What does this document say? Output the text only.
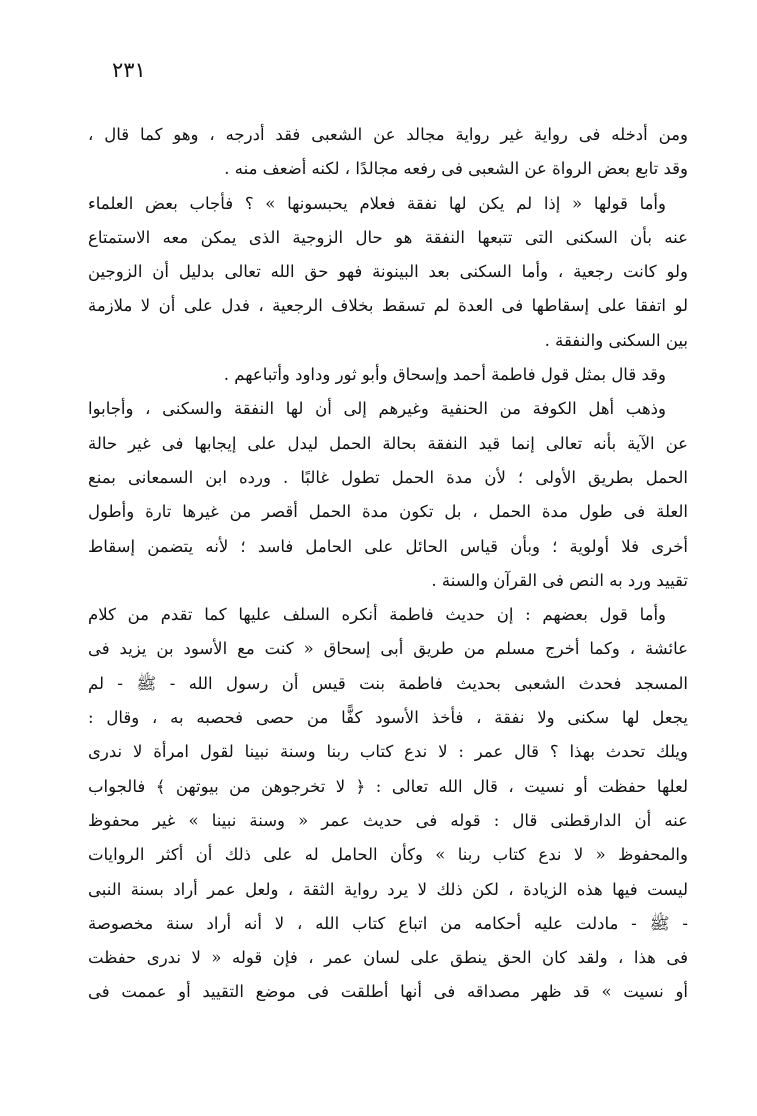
٢٣١
ومن أدخله فى رواية غير رواية مجالد عن الشعبى فقد أدرجه ، وهو كما قال ،
وقد تابع بعض الرواة عن الشعبى فى رفعه مجالدًا ، لكنه أضعف منه .
وأما قولها « إذا لم يكن لها نفقة فعلام يحبسونها » ؟ فأجاب بعض العلماء
عنه بأن السكنى التى تتبعها النفقة هو حال الزوجية الذى يمكن معه الاستمتاع
ولو كانت رجعية ، وأما السكنى بعد البينونة فهو حق الله تعالى بدليل أن الزوجين
لو اتفقا على إسقاطها فى العدة لم تسقط بخلاف الرجعية ، فدل على أن لا ملازمة
بين السكنى والنفقة .
وقد قال بمثل قول فاطمة أحمد وإسحاق وأبو ثور وداود وأتباعهم .
وذهب أهل الكوفة من الحنفية وغيرهم إلى أن لها النفقة والسكنى ، وأجابوا
عن الآية بأنه تعالى إنما قيد النفقة بحالة الحمل ليدل على إيجابها فى غير حالة
الحمل بطريق الأولى ؛ لأن مدة الحمل تطول غالبًا . ورده ابن السمعانى بمنع
العلة فى طول مدة الحمل ، بل تكون مدة الحمل أقصر من غيرها تارة وأطول
أخرى فلا أولوية ؛ وبأن قياس الحائل على الحامل فاسد ؛ لأنه يتضمن إسقاط
تقييد ورد به النص فى القرآن والسنة .
وأما قول بعضهم : إن حديث فاطمة أنكره السلف عليها كما تقدم من كلام
عائشة ، وكما أخرج مسلم من طريق أبى إسحاق « كنت مع الأسود بن يزيد فى
المسجد فحدث الشعبى بحديث فاطمة بنت قيس أن رسول الله - ﷺ - لم
يجعل لها سكنى ولا نفقة ، فأخذ الأسود كفًّا من حصى فحصبه به ، وقال :
ويلك تحدث بهذا ؟ قال عمر : لا ندع كتاب ربنا وسنة نبينا لقول امرأة لا ندرى
لعلها حفظت أو نسيت ، قال الله تعالى : ﴿ لا تخرجوهن من بيوتهن ﴾ فالجواب
عنه أن الدارقطنى قال : قوله فى حديث عمر « وسنة نبينا » غير محفوظ
والمحفوظ « لا ندع كتاب ربنا » وكأن الحامل له على ذلك أن أكثر الروايات
ليست فيها هذه الزيادة ، لكن ذلك لا يرد رواية الثقة ، ولعل عمر أراد بسنة النبى
- ﷺ - مادلت عليه أحكامه من اتباع كتاب الله ، لا أنه أراد سنة مخصوصة
فى هذا ، ولقد كان الحق ينطق على لسان عمر ، فإن قوله « لا ندرى حفظت
أو نسيت » قد ظهر مصداقه فى أنها أطلقت فى موضع التقييد أو عممت فى
